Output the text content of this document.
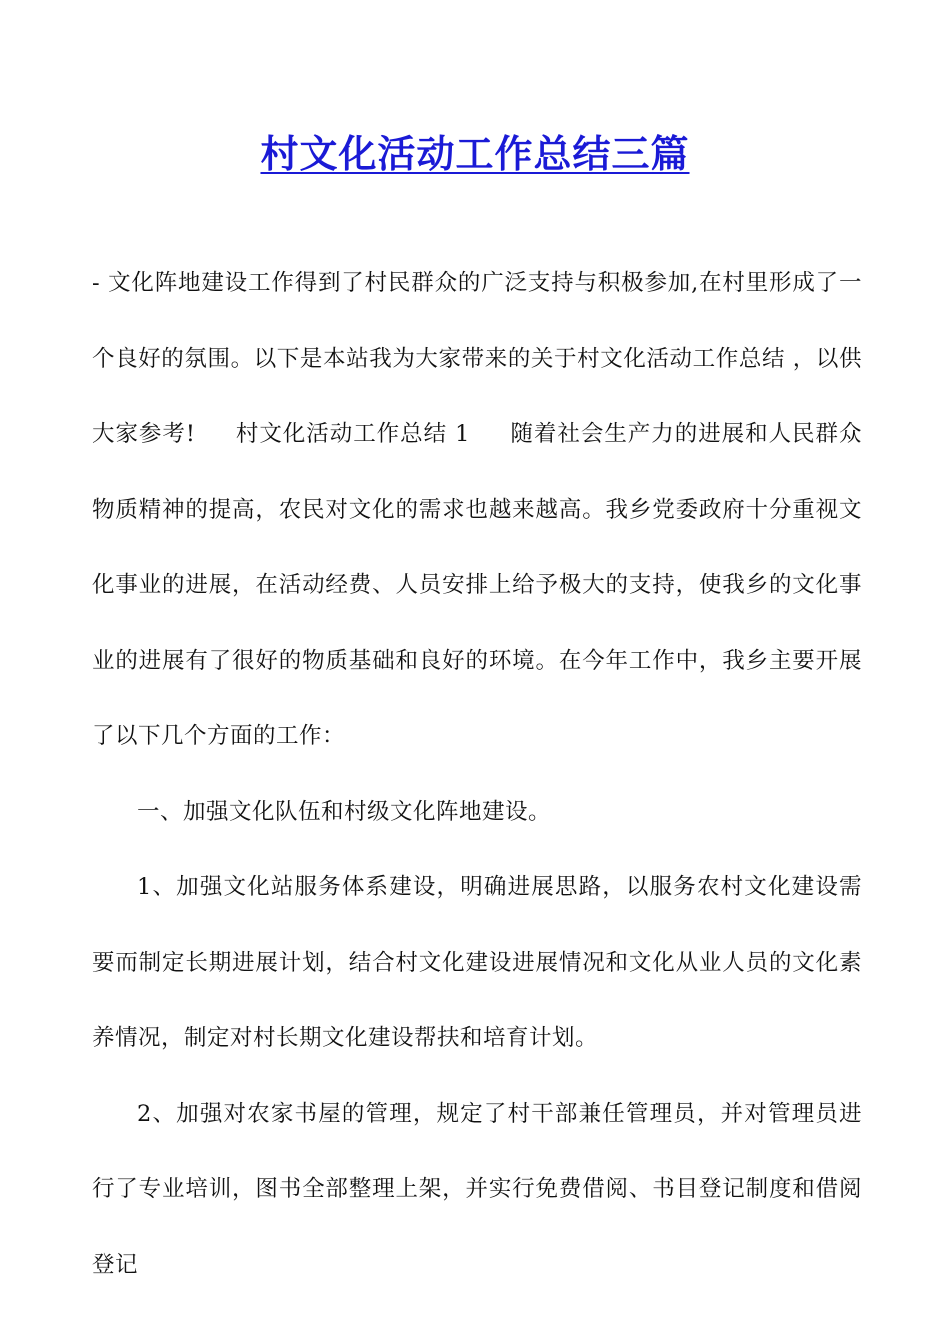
村文化活动工作总结三篇

- 文化阵地建设工作得到了村民群众的广泛支持与积极参加,在村里形成了一个良好的氛围。以下是本站我为大家带来的关于村文化活动工作总结 ，以供大家参考! 村文化活动工作总结 1 随着社会生产力的进展和人民群众物质精神的提高，农民对文化的需求也越来越高。我乡党委政府十分重视文化事业的进展，在活动经费、人员安排上给予极大的支持，使我乡的文化事业的进展有了很好的物质基础和良好的环境。在今年工作中，我乡主要开展了以下几个方面的工作：

一、加强文化队伍和村级文化阵地建设。

1、加强文化站服务体系建设，明确进展思路，以服务农村文化建设需要而制定长期进展计划，结合村文化建设进展情况和文化从业人员的文化素养情况，制定对村长期文化建设帮扶和培育计划。

2、加强对农家书屋的管理，规定了村干部兼任管理员，并对管理员进行了专业培训，图书全部整理上架，并实行免费借阅、书目登记制度和借阅登记
